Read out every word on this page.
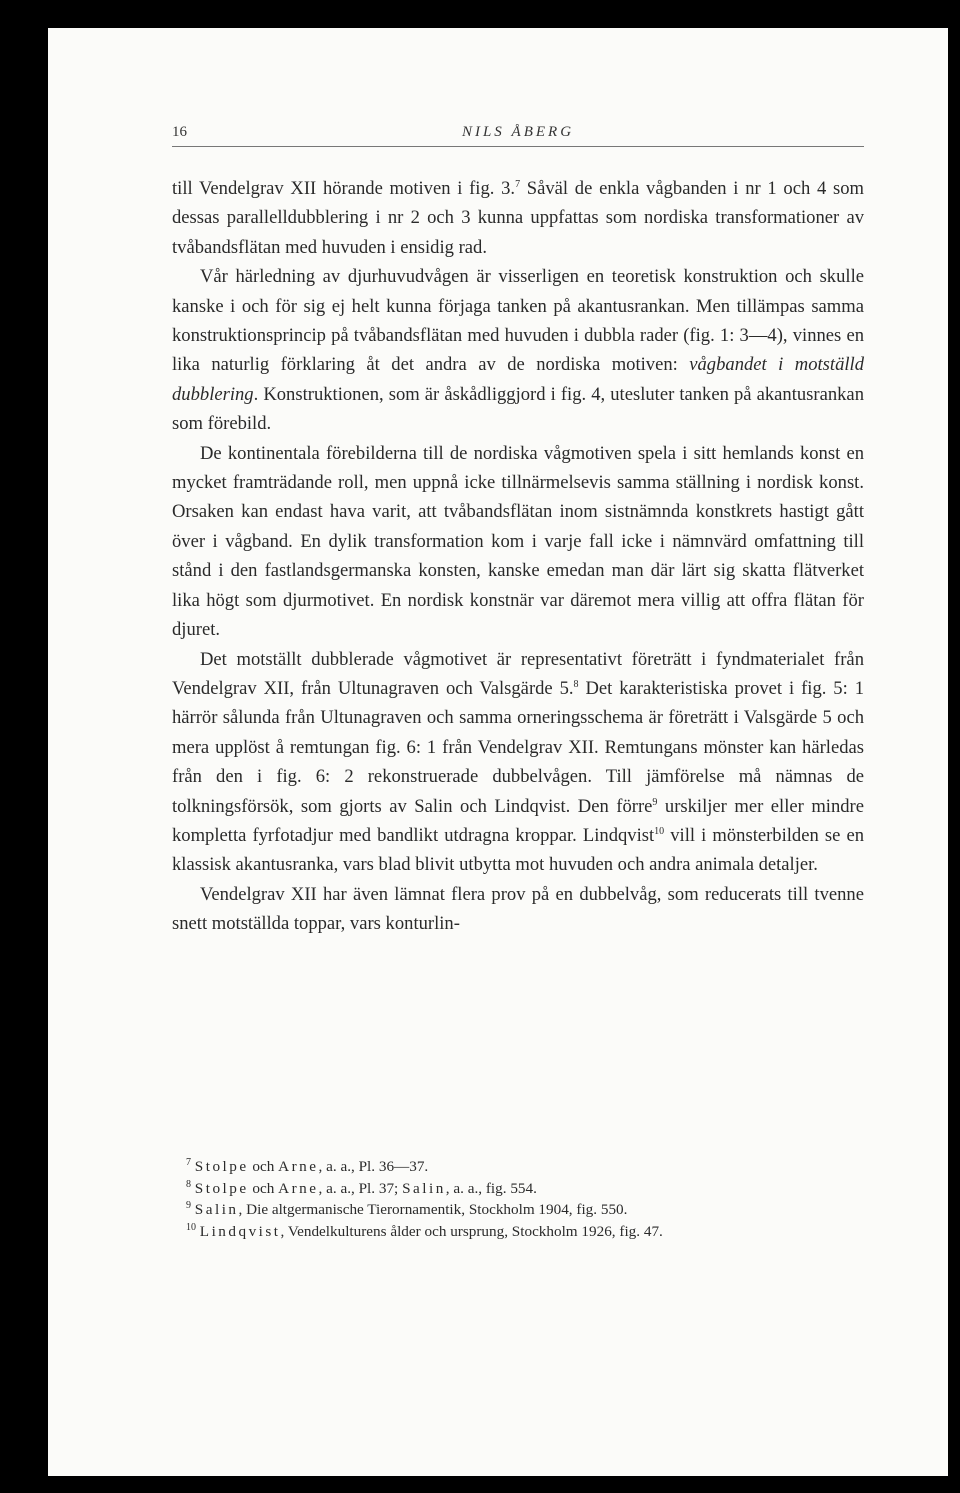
16	NILS ÅBERG

till Vendelgrav XII hörande motiven i fig. 3.$^7$ Såväl de enkla vågbanden i nr 1 och 4 som dessas parallelldubblering i nr 2 och 3 kunna uppfattas som nordiska transformationer av tvåbandsflätan med huvuden i ensidig rad.

Vår härledning av djurhuvudvågen är visserligen en teoretisk konstruktion och skulle kanske i och för sig ej helt kunna förjaga tanken på akantusrankan. Men tillämpas samma konstruktionsprincip på tvåbandsflätan med huvuden i dubbla rader (fig. 1: 3—4), vinnes en lika naturlig förklaring åt det andra av de nordiska motiven: vågbandet i motställd dubblering. Konstruktionen, som är åskådliggjord i fig. 4, utesluter tanken på akantusrankan som förebild.

De kontinentala förebilderna till de nordiska vågmotiven spela i sitt hemlands konst en mycket framträdande roll, men uppnå icke tillnärmelsevis samma ställning i nordisk konst. Orsaken kan endast hava varit, att tvåbandsflätan inom sistnämnda konstkrets hastigt gått över i vågband. En dylik transformation kom i varje fall icke i nämnvärd omfattning till stånd i den fastlandsgermanska konsten, kanske emedan man där lärt sig skatta flätverket lika högt som djurmotivet. En nordisk konstnär var däremot mera villig att offra flätan för djuret.

Det motställt dubblerade vågmotivet är representativt företrätt i fyndmaterialet från Vendelgrav XII, från Ultunagraven och Valsgärde 5.$^8$ Det karakteristiska provet i fig. 5: 1 härrör sålunda från Ultunagraven och samma orneringsschema är företrätt i Valsgärde 5 och mera upplöst å remtungan fig. 6: 1 från Vendelgrav XII. Remtungans mönster kan härledas från den i fig. 6: 2 rekonstruerade dubbelvågen. Till jämförelse må nämnas de tolkningsförsök, som gjorts av Salin och Lindqvist. Den förre$^9$ urskiljer mer eller mindre kompletta fyrfotadjur med bandlikt utdragna kroppar. Lindqvist$^{10}$ vill i mönsterbilden se en klassisk akantusranka, vars blad blivit utbytta mot huvuden och andra animala detaljer.

Vendelgrav XII har även lämnat flera prov på en dubbelvåg, som reducerats till tvenne snett motställda toppar, vars konturlin-

$^7$ Stolpe och Arne, a. a., Pl. 36—37.

$^8$ Stolpe och Arne, a. a., Pl. 37; Salin, a. a., fig. 554.

$^9$ Salin, Die altgermanische Tierornamentik, Stockholm 1904, fig. 550.

$^{10}$ Lindqvist, Vendelkulturens ålder och ursprung, Stockholm 1926, fig. 47.
